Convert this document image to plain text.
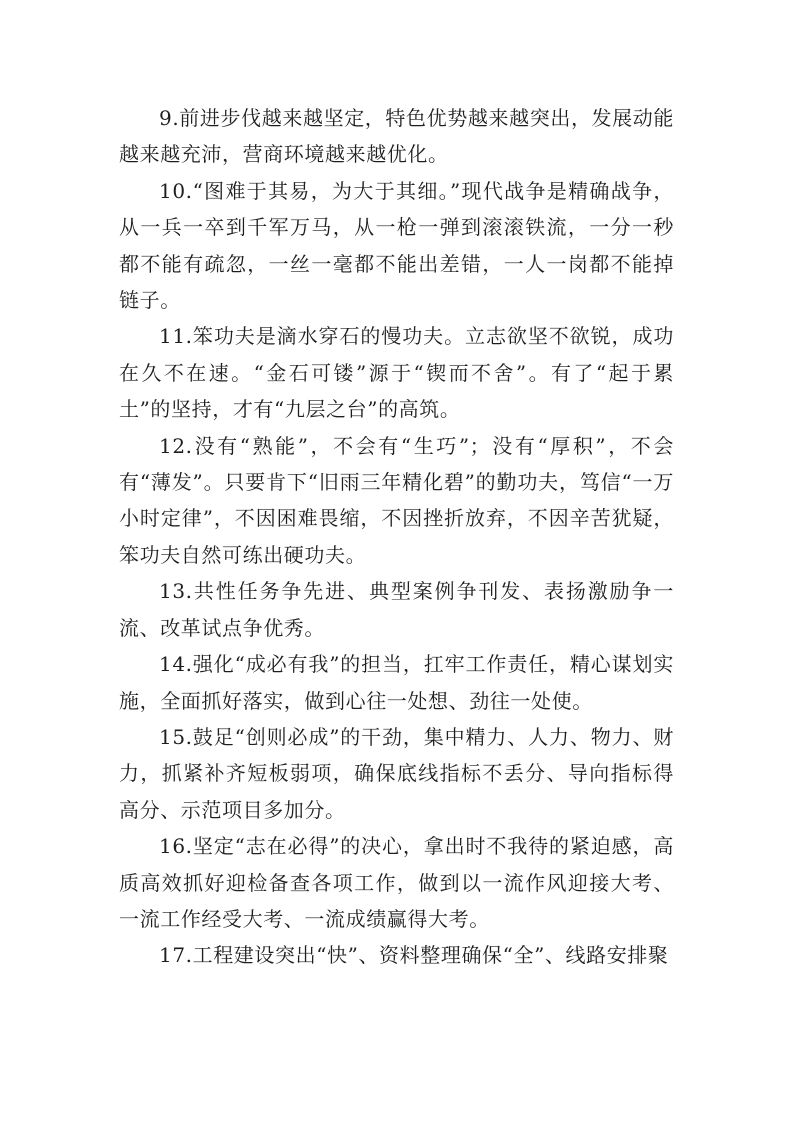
9.前进步伐越来越坚定，特色优势越来越突出，发展动能越来越充沛，营商环境越来越优化。

10.“图难于其易，为大于其细。”现代战争是精确战争，从一兵一卒到千军万马，从一枪一弹到滚滚铁流，一分一秒都不能有疏忽，一丝一毫都不能出差错，一人一岗都不能掉链子。

11.笨功夫是滴水穿石的慢功夫。立志欲坚不欲锐，成功在久不在速。“金石可镂”源于“锲而不舍”。有了“起于累土”的坚持，才有“九层之台”的高筑。

12.没有“熟能”，不会有“生巧”；没有“厚积”，不会有“薄发”。只要肯下“旧雨三年精化碧”的勤功夫，笃信“一万小时定律”，不因困难畏缩，不因挫折放弃，不因辛苦犹疑，笨功夫自然可练出硬功夫。

13.共性任务争先进、典型案例争刊发、表扬激励争一流、改革试点争优秀。

14.强化“成必有我”的担当，扛牢工作责任，精心谋划实施，全面抓好落实，做到心往一处想、劲往一处使。

15.鼓足“创则必成”的干劲，集中精力、人力、物力、财力，抓紧补齐短板弱项，确保底线指标不丢分、导向指标得高分、示范项目多加分。

16.坚定“志在必得”的决心，拿出时不我待的紧迫感，高质高效抓好迎检备查各项工作，做到以一流作风迎接大考、一流工作经受大考、一流成绩赢得大考。

17.工程建设突出“快”、资料整理确保“全”、线路安排聚
